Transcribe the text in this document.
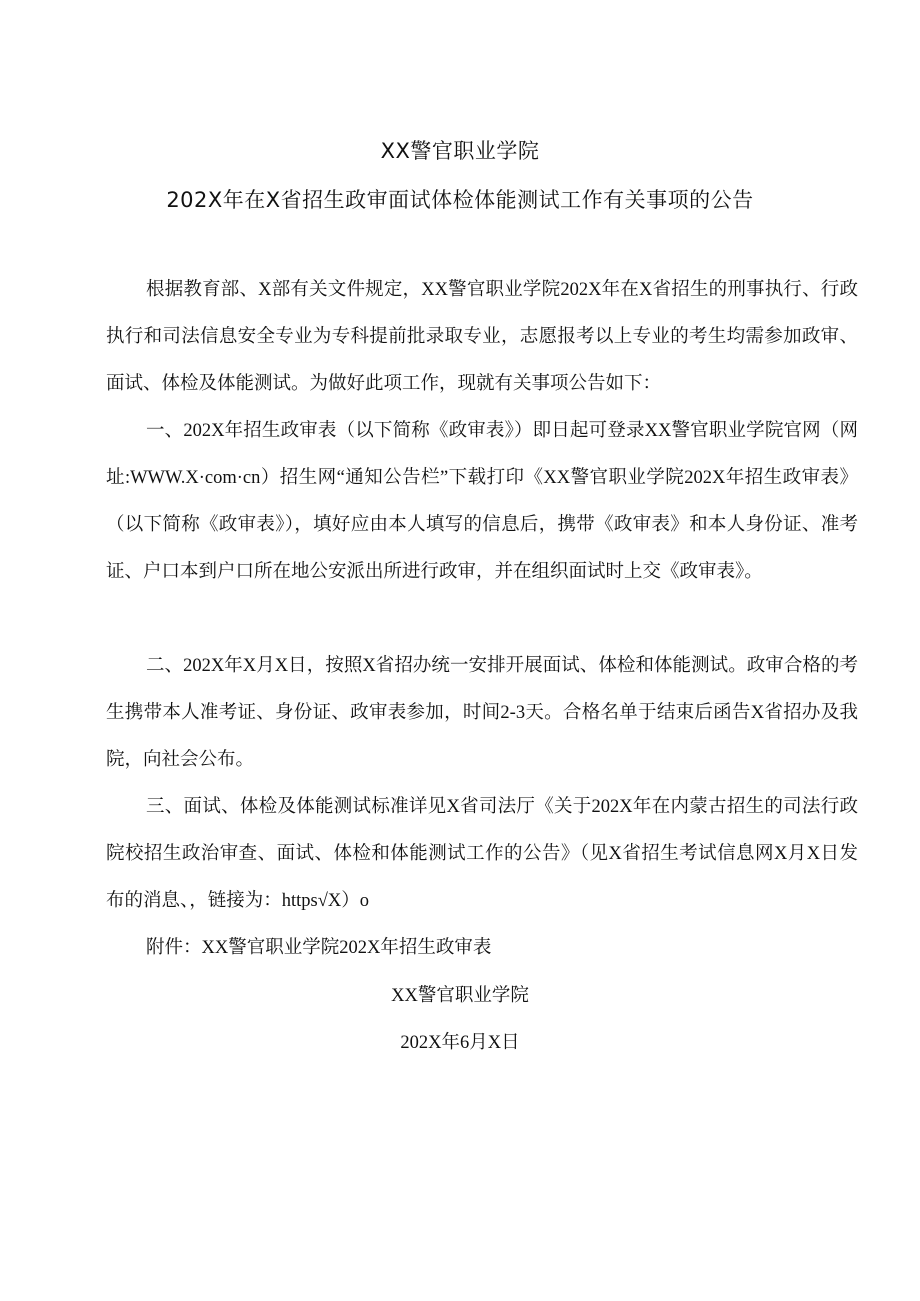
XX警官职业学院
202X年在X省招生政审面试体检体能测试工作有关事项的公告

根据教育部、X部有关文件规定，XX警官职业学院202X年在X省招生的刑事执行、行政执行和司法信息安全专业为专科提前批录取专业，志愿报考以上专业的考生均需参加政审、面试、体检及体能测试。为做好此项工作，现就有关事项公告如下：

一、202X年招生政审表（以下简称《政审表》）即日起可登录XX警官职业学院官网（网址:WWW.X·com·cn）招生网“通知公告栏”下载打印《XX警官职业学院202X年招生政审表》（以下简称《政审表》），填好应由本人填写的信息后，携带《政审表》和本人身份证、准考证、户口本到户口所在地公安派出所进行政审，并在组织面试时上交《政审表》。

二、202X年X月X日，按照X省招办统一安排开展面试、体检和体能测试。政审合格的考生携带本人准考证、身份证、政审表参加，时间2-3天。合格名单于结束后函告X省招办及我院，向社会公布。

三、面试、体检及体能测试标准详见X省司法厅《关于202X年在内蒙古招生的司法行政院校招生政治审查、面试、体检和体能测试工作的公告》（见X省招生考试信息网X月X日发布的消息、，链接为：https√X）o

附件：XX警官职业学院202X年招生政审表

XX警官职业学院
202X年6月X日
